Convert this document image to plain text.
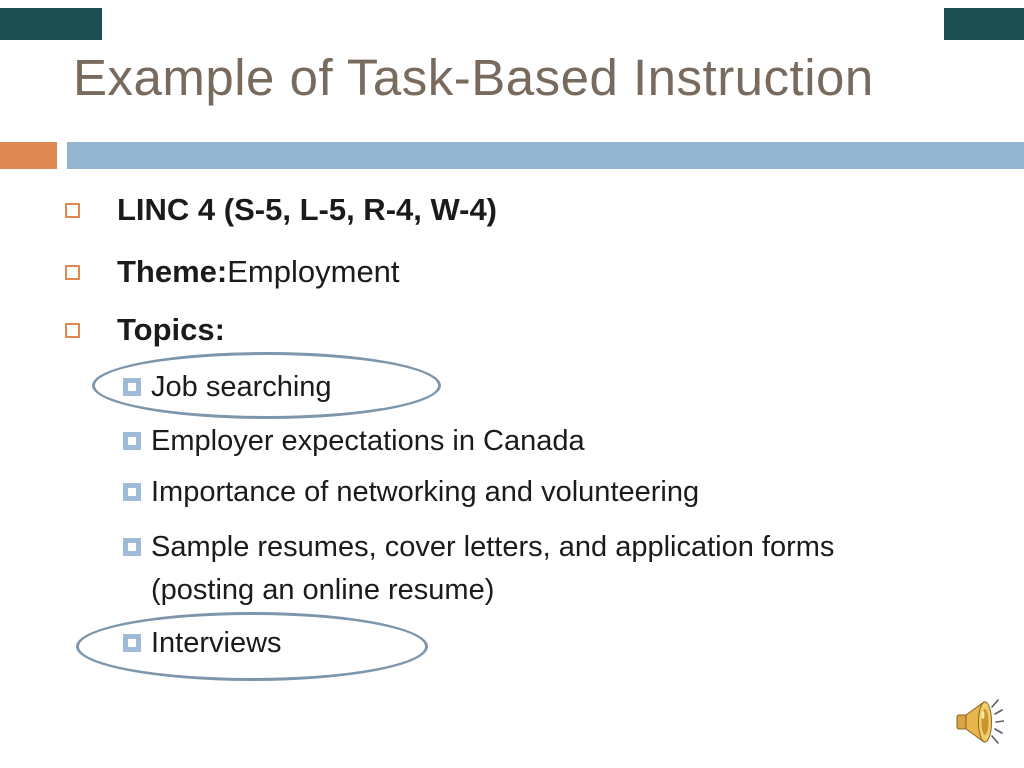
Example of Task-Based Instruction
LINC 4 (S-5, L-5, R-4, W-4)
Theme: Employment
Topics:
Job searching
Employer expectations in Canada
Importance of networking and volunteering
Sample resumes, cover letters, and application forms
(posting an online resume)
Interviews
